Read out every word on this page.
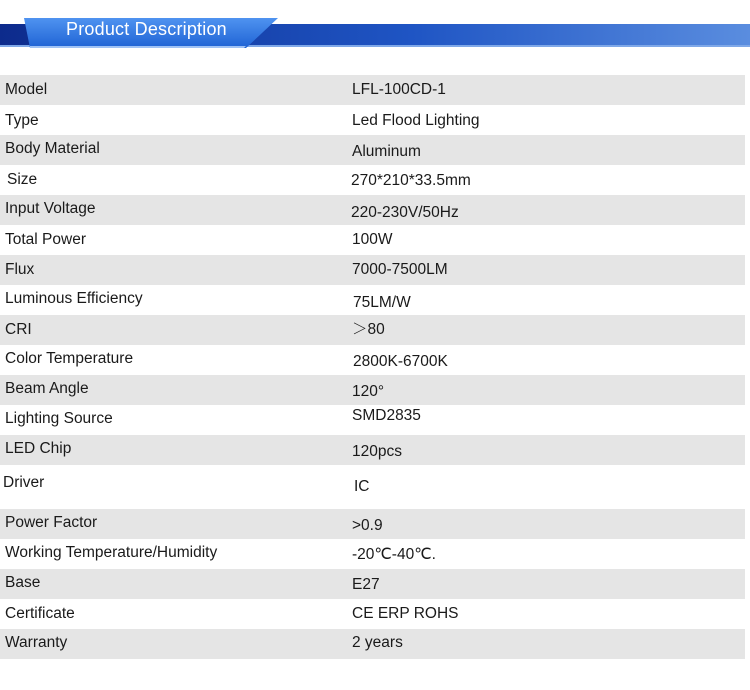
Product Description
Model	LFL-100CD-1
Type	Led Flood Lighting
Body Material	Aluminum
Size	270*210*33.5mm
Input Voltage	220-230V/50Hz
Total Power	100W
Flux	7000-7500LM
Luminous Efficiency	75LM/W
CRI	＞80
Color Temperature	2800K-6700K
Beam Angle	120°
Lighting Source	SMD2835
LED Chip	120pcs
Driver	IC
Power Factor	>0.9
Working Temperature/Humidity	-20℃-40℃.
Base	E27
Certificate	CE ERP ROHS
Warranty	2 years
